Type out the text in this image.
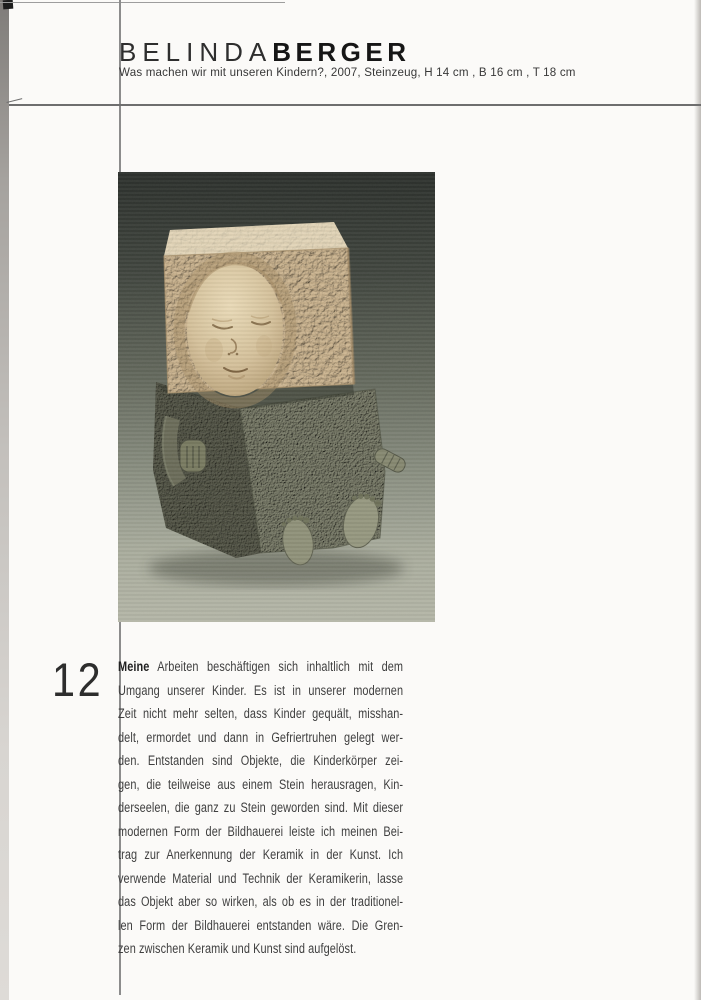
BELINDABERGER
Was machen wir mit unseren Kindern?, 2007, Steinzeug, H 14 cm , B 16 cm , T 18 cm
12 Meine Arbeiten beschäftigen sich inhaltlich mit dem
Umgang unserer Kinder. Es ist in unserer modernen
Zeit nicht mehr selten, dass Kinder gequält, misshan-
delt, ermordet und dann in Gefriertruhen gelegt wer-
den. Entstanden sind Objekte, die Kinderkörper zei-
gen, die teilweise aus einem Stein herausragen, Kin-
derseelen, die ganz zu Stein geworden sind. Mit dieser
modernen Form der Bildhauerei leiste ich meinen Bei-
trag zur Anerkennung der Keramik in der Kunst. Ich
verwende Material und Technik der Keramikerin, lasse
das Objekt aber so wirken, als ob es in der traditionel-
len Form der Bildhauerei entstanden wäre. Die Gren-
zen zwischen Keramik und Kunst sind aufgelöst.
